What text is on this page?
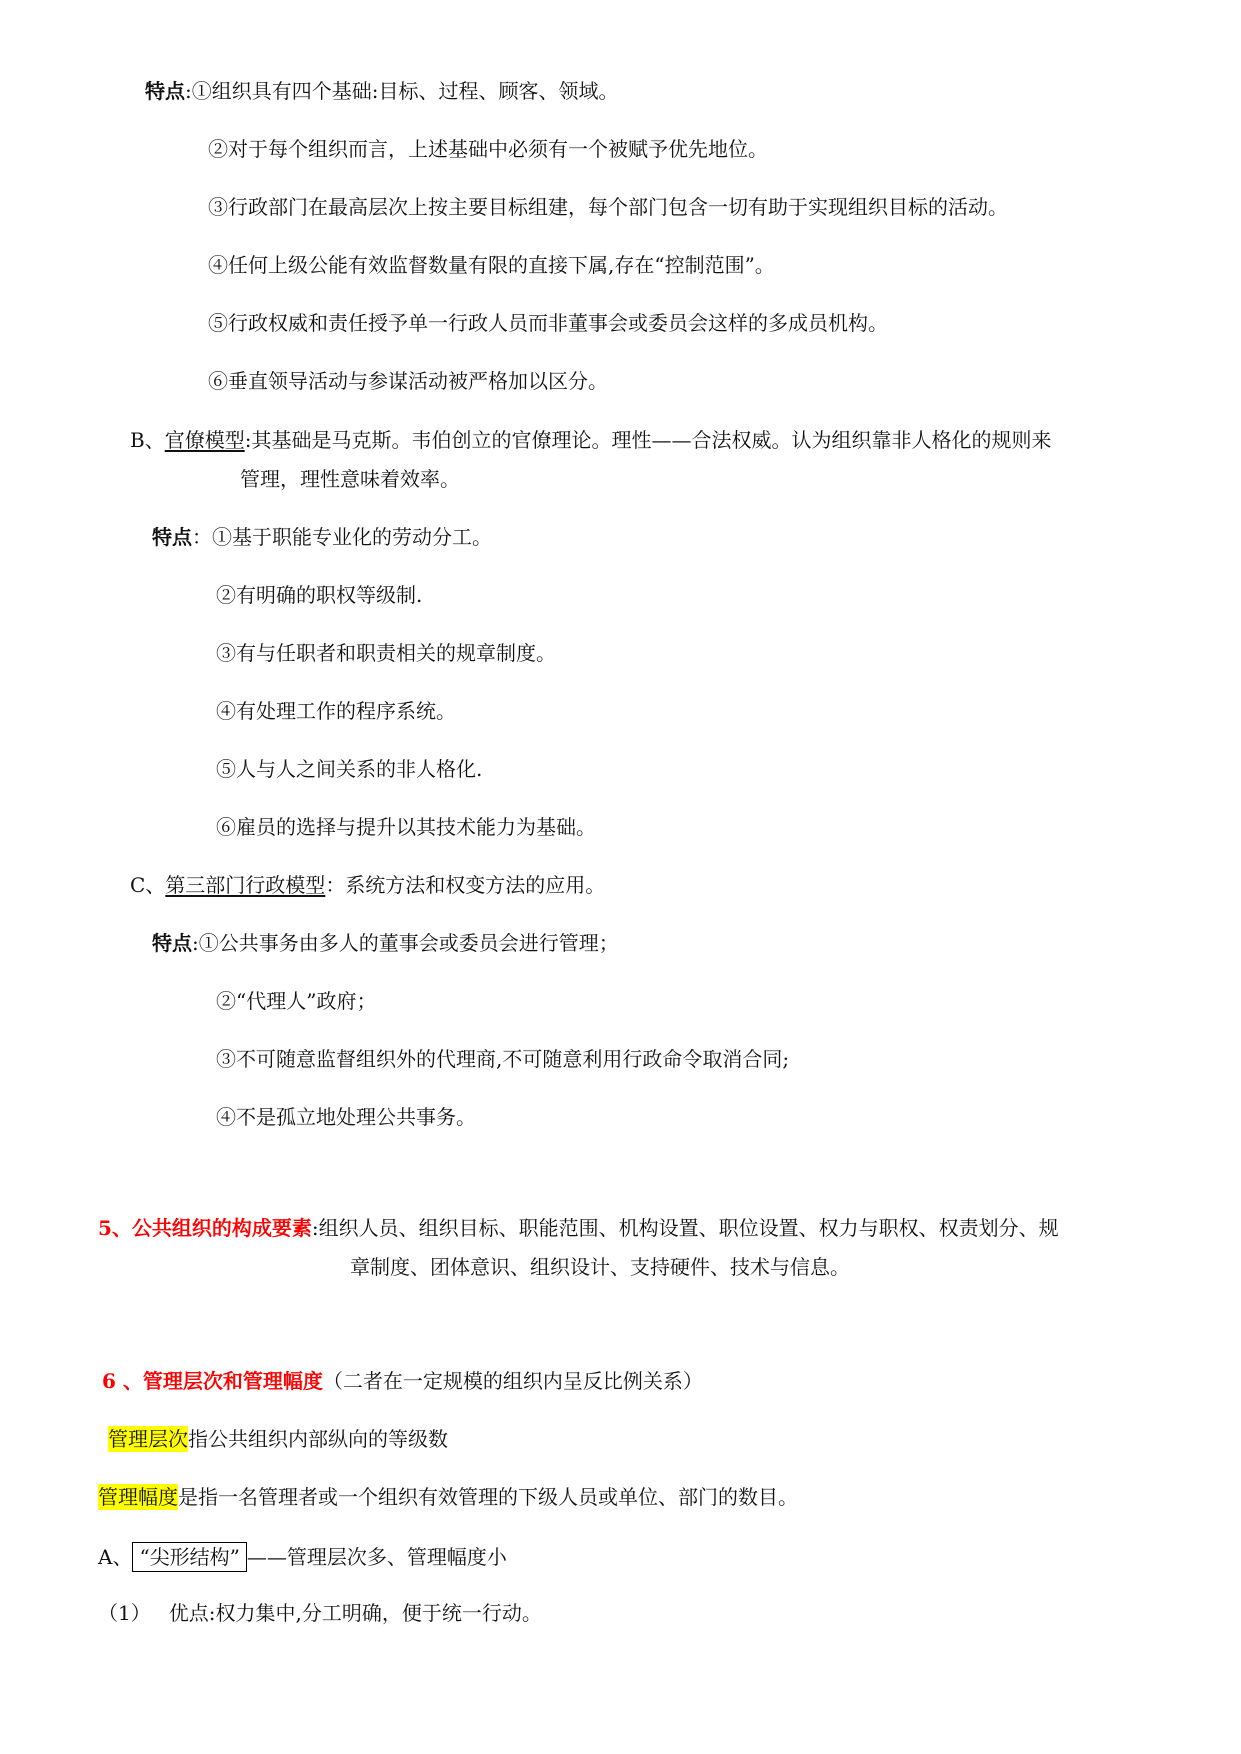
特点:①组织具有四个基础:目标、过程、顾客、领域。
②对于每个组织而言，上述基础中必须有一个被赋予优先地位。
③行政部门在最高层次上按主要目标组建，每个部门包含一切有助于实现组织目标的活动。
④任何上级公能有效监督数量有限的直接下属,存在“控制范围”。
⑤行政权威和责任授予单一行政人员而非董事会或委员会这样的多成员机构。
⑥垂直领导活动与参谋活动被严格加以区分。
B、官僚模型:其基础是马克斯。韦伯创立的官僚理论。理性——合法权威。认为组织靠非人格化的规则来
管理，理性意味着效率。
特点：①基于职能专业化的劳动分工。
②有明确的职权等级制.
③有与任职者和职责相关的规章制度。
④有处理工作的程序系统。
⑤人与人之间关系的非人格化.
⑥雇员的选择与提升以其技术能力为基础。
C、第三部门行政模型：系统方法和权变方法的应用。
特点:①公共事务由多人的董事会或委员会进行管理；
②“代理人”政府；
③不可随意监督组织外的代理商,不可随意利用行政命令取消合同;
④不是孤立地处理公共事务。
5、公共组织的构成要素:组织人员、组织目标、职能范围、机构设置、职位设置、权力与职权、权责划分、规
章制度、团体意识、组织设计、支持硬件、技术与信息。
6 、管理层次和管理幅度（二者在一定规模的组织内呈反比例关系）
管理层次指公共组织内部纵向的等级数
管理幅度是指一名管理者或一个组织有效管理的下级人员或单位、部门的数目。
A、 “尖形结构” ——管理层次多、管理幅度小
（1） 优点:权力集中,分工明确，便于统一行动。
